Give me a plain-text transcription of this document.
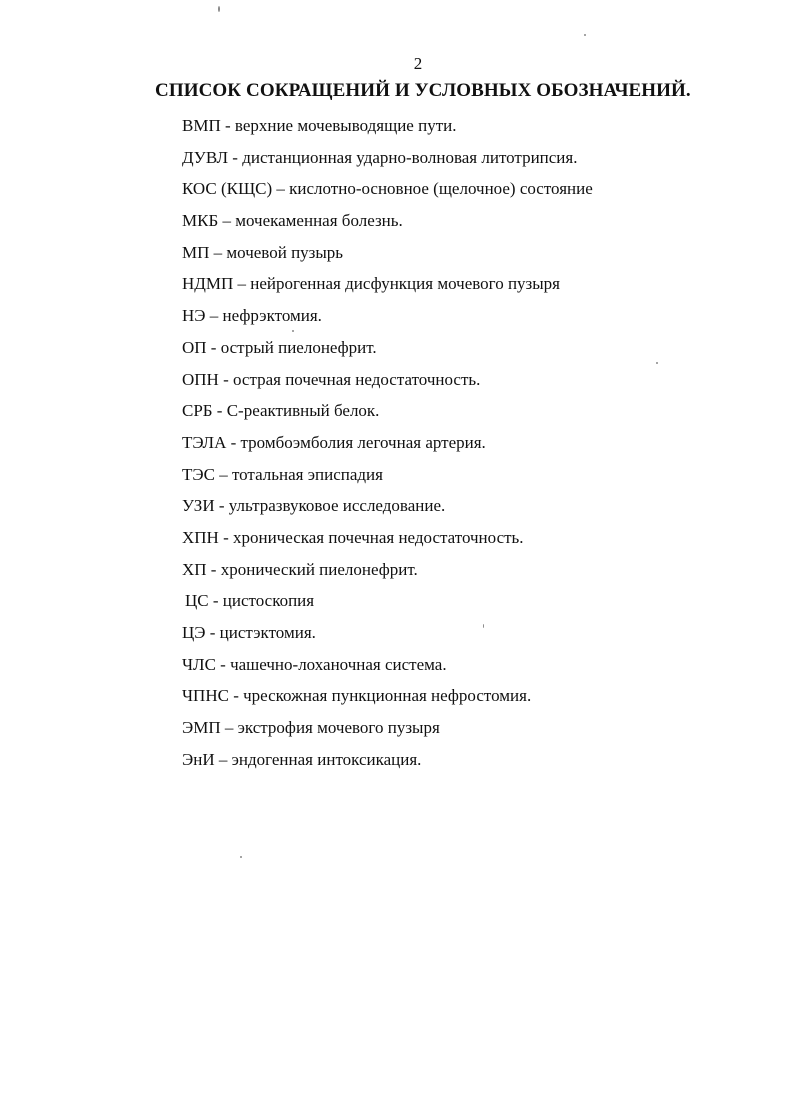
2
СПИСОК СОКРАЩЕНИЙ И УСЛОВНЫХ ОБОЗНАЧЕНИЙ.
ВМП - верхние мочевыводящие пути.
ДУВЛ - дистанционная ударно-волновая литотрипсия.
КОС (КЩС) – кислотно-основное (щелочное) состояние
МКБ – мочекаменная болезнь.
МП – мочевой пузырь
НДМП – нейрогенная дисфункция мочевого пузыря
НЭ – нефрэктомия.
ОП - острый пиелонефрит.
ОПН - острая почечная недостаточность.
СРБ - С-реактивный белок.
ТЭЛА - тромбоэмболия легочная артерия.
ТЭС – тотальная эписпадия
УЗИ - ультразвуковое исследование.
ХПН - хроническая почечная недостаточность.
ХП - хронический пиелонефрит.
ЦС - цистоскопия
ЦЭ - цистэктомия.
ЧЛС - чашечно-лоханочная система.
ЧПНС - чрескожная пункционная нефростомия.
ЭМП – экстрофия мочевого пузыря
ЭнИ – эндогенная интоксикация.
